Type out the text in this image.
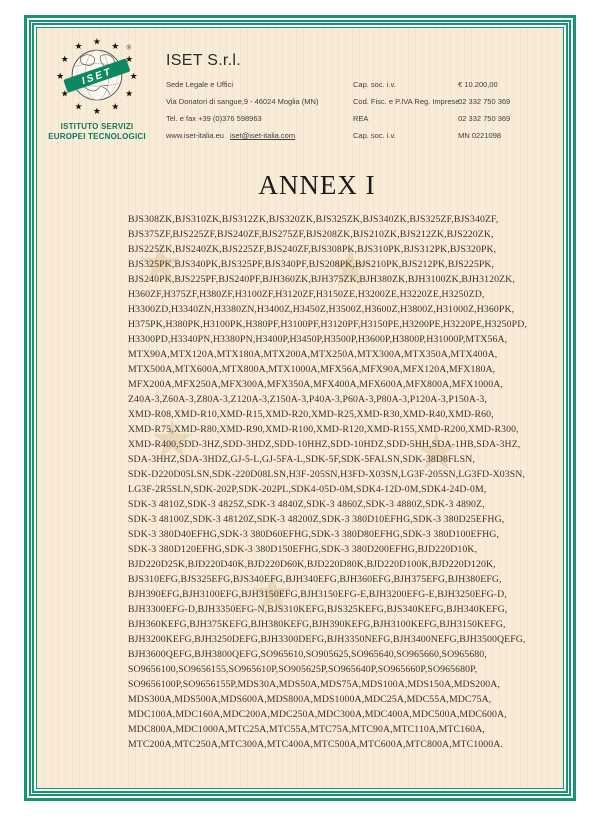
★	★
★	★
★
ISET
®
★ ★
★
★
★
★
★
★
★
★
★
★
ISTITUTO SERVIZI
EUROPEI TECNOLOGICI
ISET S.r.l.
Sede Legale e Uffici
Via Donatori di sangue,9 - 46024 Moglia (MN)
Tel. e fax +39 (0)376 598963
www.iset-italia.eu iset@iset-italia.com
Cap. soc. i.v.	€ 10.200,00
Cod. Fisc. e P.IVA Reg. Imprese 02 332 750 369
REA	02 332 750 369
Cap. soc. i.v.	MN 0221098
ANNEX I
BJS308ZK,BJS310ZK,BJS312ZK,BJS320ZK,BJS325ZK,BJS340ZK,BJS325ZF,BJS340ZF,
BJS375ZF,BJS225ZF,BJS240ZF,BJS275ZF,BJS208ZK,BJS210ZK,BJS212ZK,BJS220ZK,
BJS225ZK,BJS240ZK,BJS225ZF,BJS240ZF,BJS308PK,BJS310PK,BJS312PK,BJS320PK,
BJS325PK,BJS340PK,BJS325PF,BJS340PF,BJS208PK,BJS210PK,BJS212PK,BJS225PK,
BJS240PK,BJS225PF,BJS240PF,BJH360ZK,BJH375ZK,BJH380ZK,BJH3100ZK,BJH3120ZK,
H360ZF,H375ZF,H380ZF,H3100ZF,H3120ZF,H3150ZE,H3200ZE,H3220ZE,H3250ZD,
H3300ZD,H3340ZN,H3380ZN,H3400Z,H3450Z,H3500Z,H3600Z,H3800Z,H31000Z,H360PK,
H375PK,H380PK,H3100PK,H380PF,H3100PF,H3120PF,H3150PE,H3200PE,H3220PE,H3250PD,
H3300PD,H3340PN,H3380PN,H3400P,H3450P,H3500P,H3600P,H3800P,H31000P,MTX56A,
MTX90A,MTX120A,MTX180A,MTX200A,MTX250A,MTX300A,MTX350A,MTX400A,
MTX500A,MTX600A,MTX800A,MTX1000A,MFX56A,MFX90A,MFX120A,MFX180A,
MFX200A,MFX250A,MFX300A,MFX350A,MFX400A,MFX600A,MFX800A,MFX1000A,
Z40A-3,Z60A-3,Z80A-3,Z120A-3,Z150A-3,P40A-3,P60A-3,P80A-3,P120A-3,P150A-3,
XMD-R08,XMD-R10,XMD-R15,XMD-R20,XMD-R25,XMD-R30,XMD-R40,XMD-R60,
XMD-R75,XMD-R80,XMD-R90,XMD-R100,XMD-R120,XMD-R155,XMD-R200,XMD-R300,
XMD-R400,SDD-3HZ,SDD-3HDZ,SDD-10HHZ,SDD-10HDZ,SDD-5HH,SDA-1HB,SDA-3HZ,
SDA-3HHZ,SDA-3HDZ,GJ-5-L,GJ-5FA-L,SDK-5F,SDK-5FALSN,SDK-38D8FLSN,
SDK-D220D05LSN,SDK-220D08LSN,H3F-205SN,H3FD-X03SN,LG3F-205SN,LG3FD-X03SN,
LG3F-2R5SLN,SDK-202P,SDK-202PL,SDK4-05D-0M,SDK4-12D-0M,SDK4-24D-0M,
SDK-3 4810Z,SDK-3 4825Z,SDK-3 4840Z,SDK-3 4860Z,SDK-3 4880Z,SDK-3 4890Z,
SDK-3 48100Z,SDK-3 48120Z,SDK-3 48200Z,SDK-3 380D10EFHG,SDK-3 380D25EFHG,
SDK-3 380D40EFHG,SDK-3 380D60EFHG,SDK-3 380D80EFHG,SDK-3 380D100EFHG,
SDK-3 380D120EFHG,SDK-3 380D150EFHG,SDK-3 380D200EFHG,BJD220D10K,
BJD220D25K,BJD220D40K,BJD220D60K,BJD220D80K,BJD220D100K,BJD220D120K,
BJS310EFG,BJS325EFG,BJS340EFG,BJH340EFG,BJH360EFG,BJH375EFG,BJH380EFG,
BJH390EFG,BJH3100EFG,BJH3150EFG,BJH3150EFG-E,BJH3200EFG-E,BJH3250EFG-D,
BJH3300EFG-D,BJH3350EFG-N,BJS310KEFG,BJS325KEFG,BJS340KEFG,BJH340KEFG,
BJH360KEFG,BJH375KEFG,BJH380KEFG,BJH390KEFG,BJH3100KEFG,BJH3150KEFG,
BJH3200KEFG,BJH3250DEFG,BJH3300DEFG,BJH3350NEFG,BJH3400NEFG,BJH3500QEFG,
BJH3600QEFG,BJH3800QEFG,SO965610,SO905625,SO965640,SO965660,SO965680,
SO9656100,SO9656155,SO965610P,SO905625P,SO965640P,SO965660P,SO965680P,
SO9656100P,SO9656155P,MDS30A,MDS50A,MDS75A,MDS100A,MDS150A,MDS200A,
MDS300A,MDS500A,MDS600A,MDS800A,MDS1000A,MDC25A,MDC55A,MDC75A,
MDC100A,MDC160A,MDC200A,MDC250A,MDC300A,MDC400A,MDC500A,MDC600A,
MDC800A,MDC1000A,MTC25A,MTC55A,MTC75A,MTC90A,MTC110A,MTC160A,
MTC200A,MTC250A,MTC300A,MTC400A,MTC500A,MTC600A,MTC800A,MTC1000A.
